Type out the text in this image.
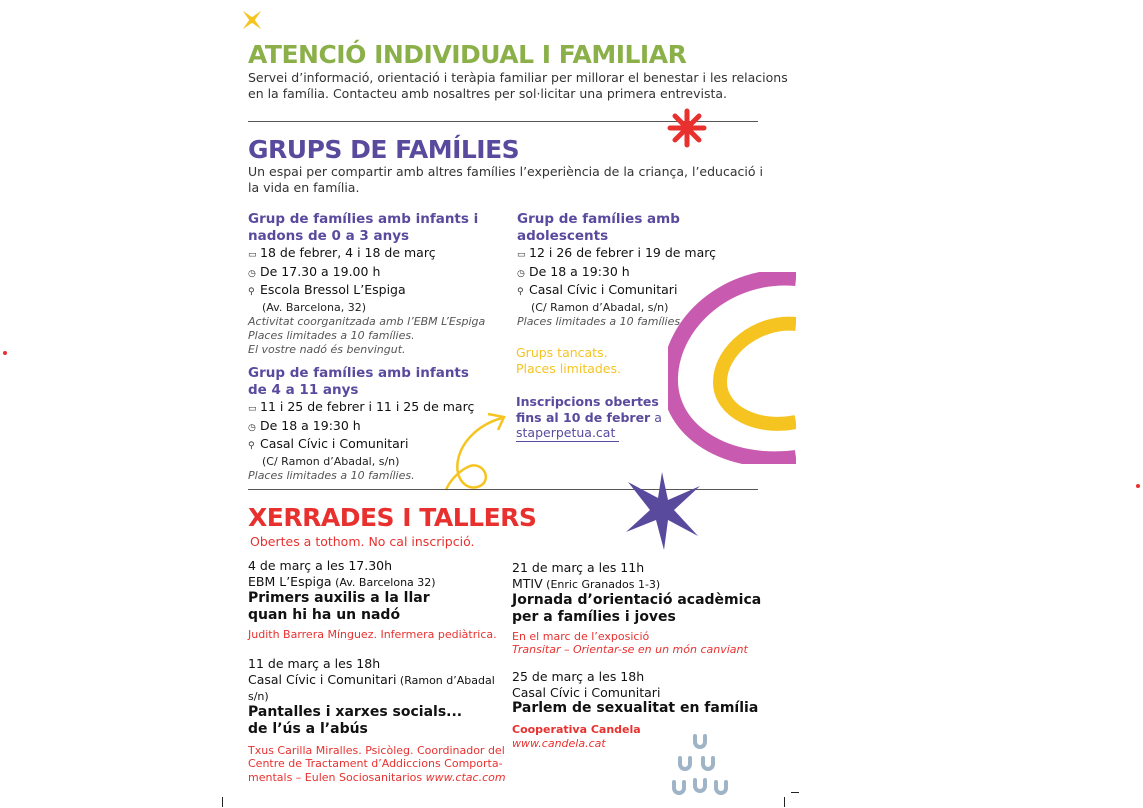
ATENCIÓ INDIVIDUAL I FAMILIAR
Servei d’informació, orientació i teràpia familiar per millorar el benestar i les relacions
en la família. Contacteu amb nosaltres per sol·licitar una primera entrevista.
GRUPS DE FAMÍLIES
Un espai per compartir amb altres famílies l’experiència de la criança, l’educació i
la vida en família.
Grup de famílies amb infants i
nadons de 0 a 3 anys
▭ 18 de febrer, 4 i 18 de març
◷ De 17.30 a 19.00 h
⚲ Escola Bressol L’Espiga
(Av. Barcelona, 32)
Activitat coorganitzada amb l’EBM L’Espiga
Places limitades a 10 famílies.
El vostre nadó és benvingut.
Grup de famílies amb
adolescents
▭ 12 i 26 de febrer i 19 de març
◷ De 18 a 19:30 h
⚲ Casal Cívic i Comunitari
(C/ Ramon d’Abadal, s/n)
Places limitades a 10 famílies.
Grup de famílies amb infants
de 4 a 11 anys
▭ 11 i 25 de febrer i 11 i 25 de març
◷ De 18 a 19:30 h
⚲ Casal Cívic i Comunitari
(C/ Ramon d’Abadal, s/n)
Places limitades a 10 famílies.
Grups tancats.
Places limitades.
Inscripcions obertes
fins al 10 de febrer a
staperpetua.cat
XERRADES I TALLERS
Obertes a tothom. No cal inscripció.
4 de març a les 17.30h
EBM L’Espiga (Av. Barcelona 32)
Primers auxilis a la llar
quan hi ha un nadó
Judith Barrera Mínguez. Infermera pediàtrica.
11 de març a les 18h
Casal Cívic i Comunitari (Ramon d’Abadal s/n)
Pantalles i xarxes socials...
de l’ús a l’abús
Txus Carilla Miralles. Psicòleg. Coordinador del
Centre de Tractament d’Addiccions Comporta-
mentals – Eulen Sociosanitarios www.ctac.com
21 de març a les 11h
MTIV (Enric Granados 1-3)
Jornada d’orientació acadèmica
per a famílies i joves
En el marc de l’exposició
Transitar – Orientar-se en un món canviant
25 de març a les 18h
Casal Cívic i Comunitari
Parlem de sexualitat en família
Cooperativa Candela
www.candela.cat
